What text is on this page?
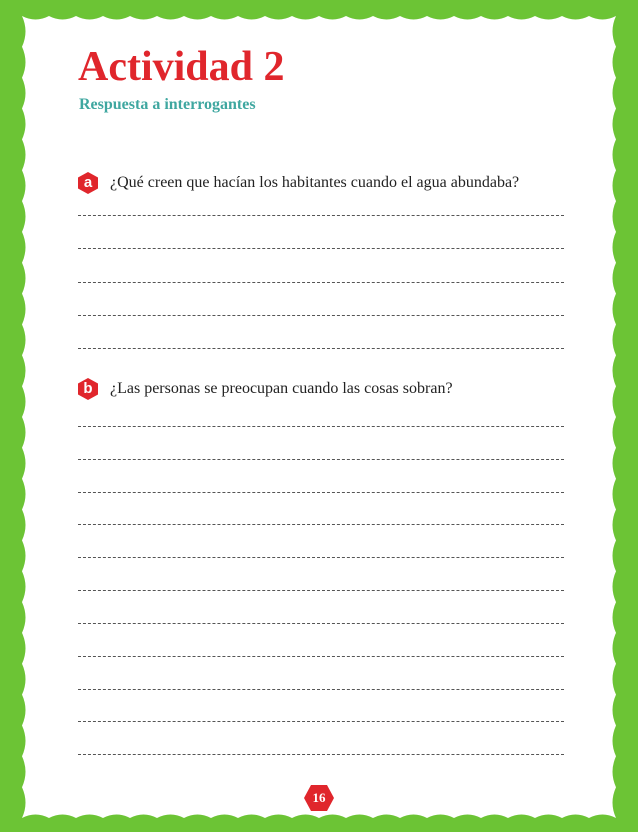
Actividad 2
Respuesta a interrogantes
a	¿Qué creen que hacían los habitantes cuando el agua abundaba?
b	¿Las personas se preocupan cuando las cosas sobran?
16
